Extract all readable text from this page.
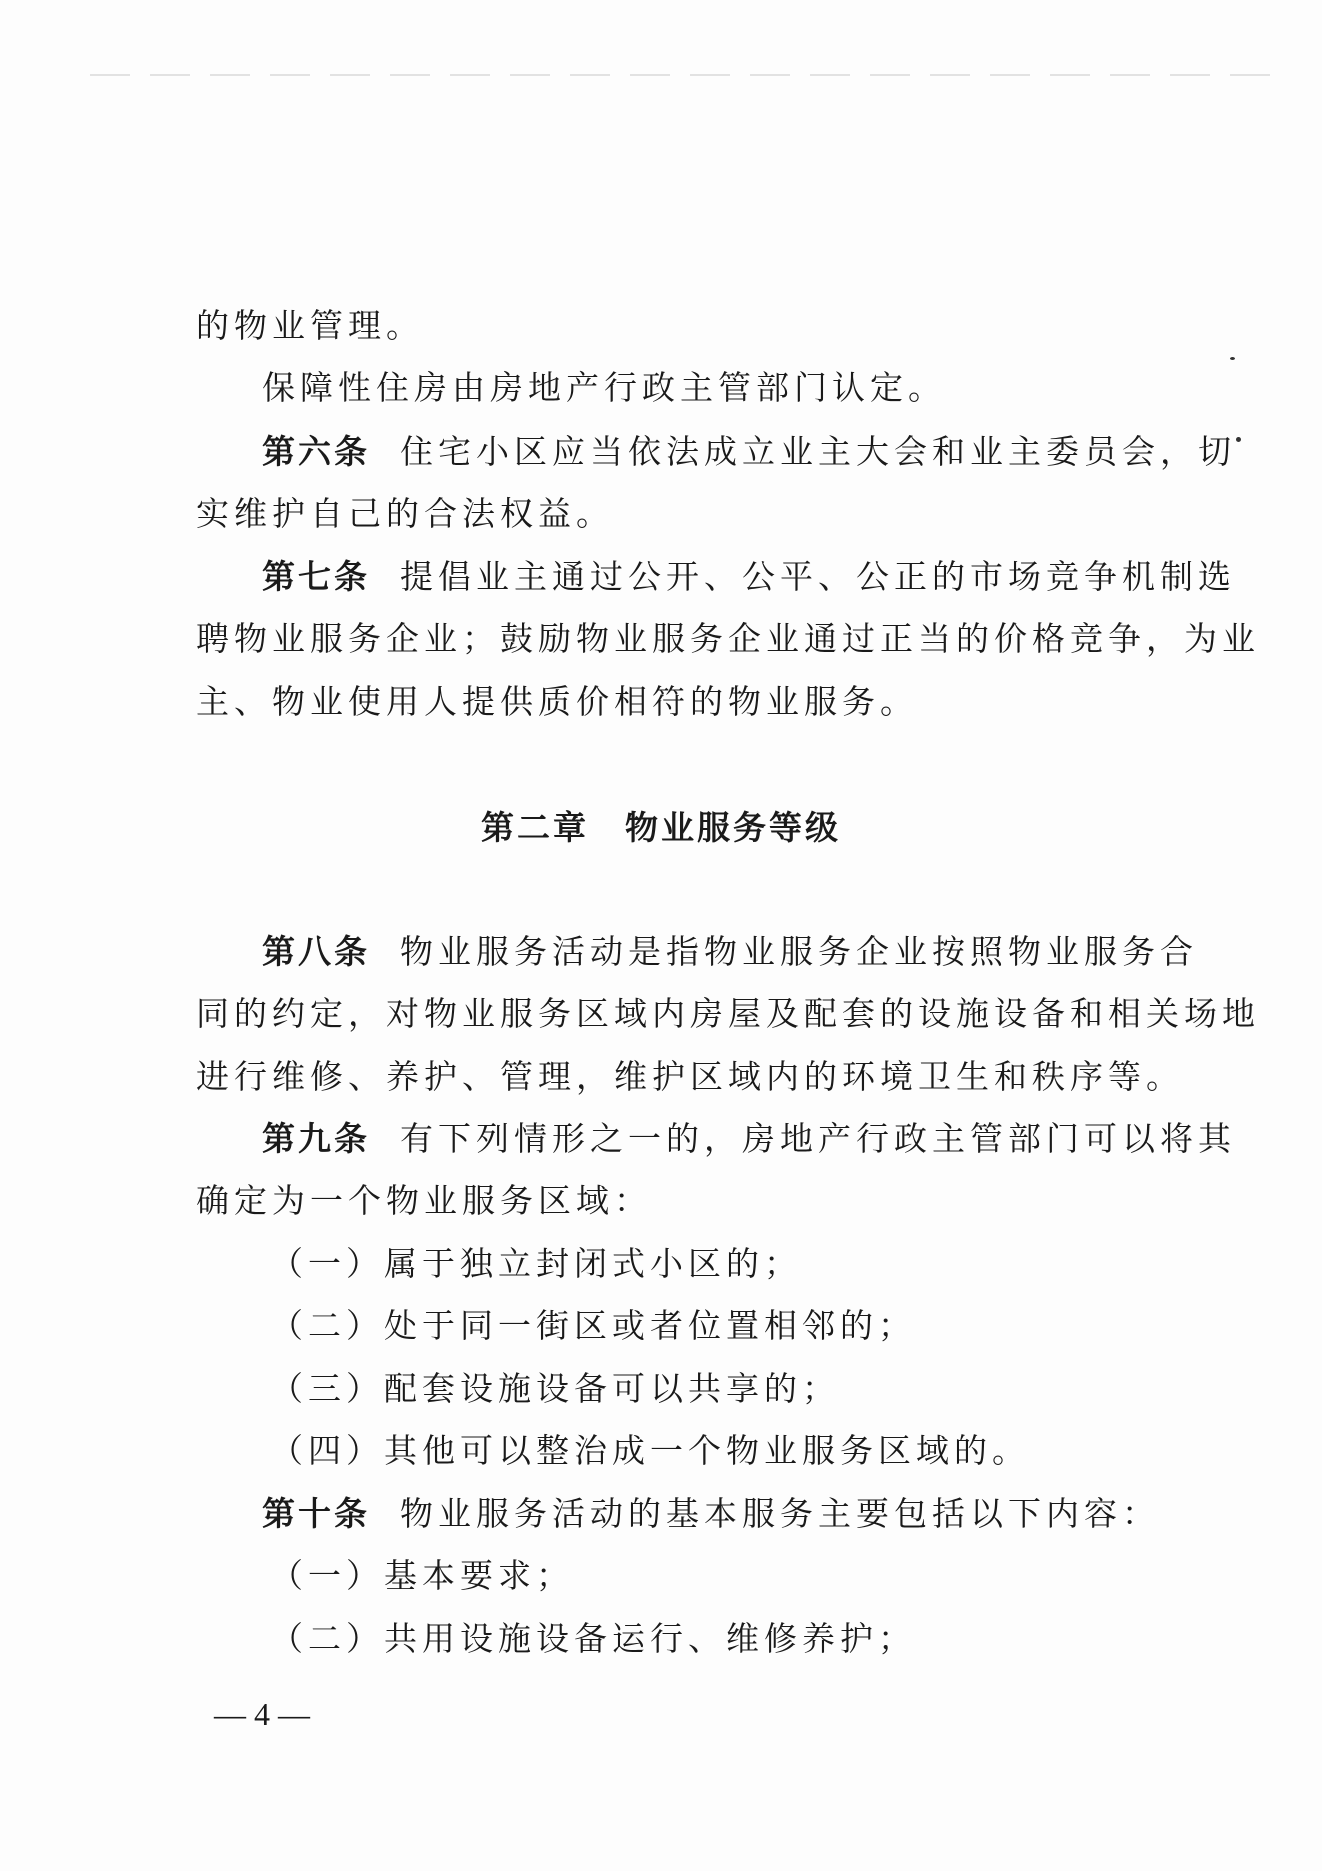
的物业管理。
保障性住房由房地产行政主管部门认定。
第六条 住宅小区应当依法成立业主大会和业主委员会，切
实维护自己的合法权益。
第七条 提倡业主通过公开、公平、公正的市场竞争机制选
聘物业服务企业；鼓励物业服务企业通过正当的价格竞争，为业
主、物业使用人提供质价相符的物业服务。
第二章 物业服务等级
第八条 物业服务活动是指物业服务企业按照物业服务合
同的约定，对物业服务区域内房屋及配套的设施设备和相关场地
进行维修、养护、管理，维护区域内的环境卫生和秩序等。
第九条 有下列情形之一的，房地产行政主管部门可以将其
确定为一个物业服务区域：
（一）属于独立封闭式小区的；
（二）处于同一街区或者位置相邻的；
（三）配套设施设备可以共享的；
（四）其他可以整治成一个物业服务区域的。
第十条 物业服务活动的基本服务主要包括以下内容：
（一）基本要求；
（二）共用设施设备运行、维修养护；
— 4 —
